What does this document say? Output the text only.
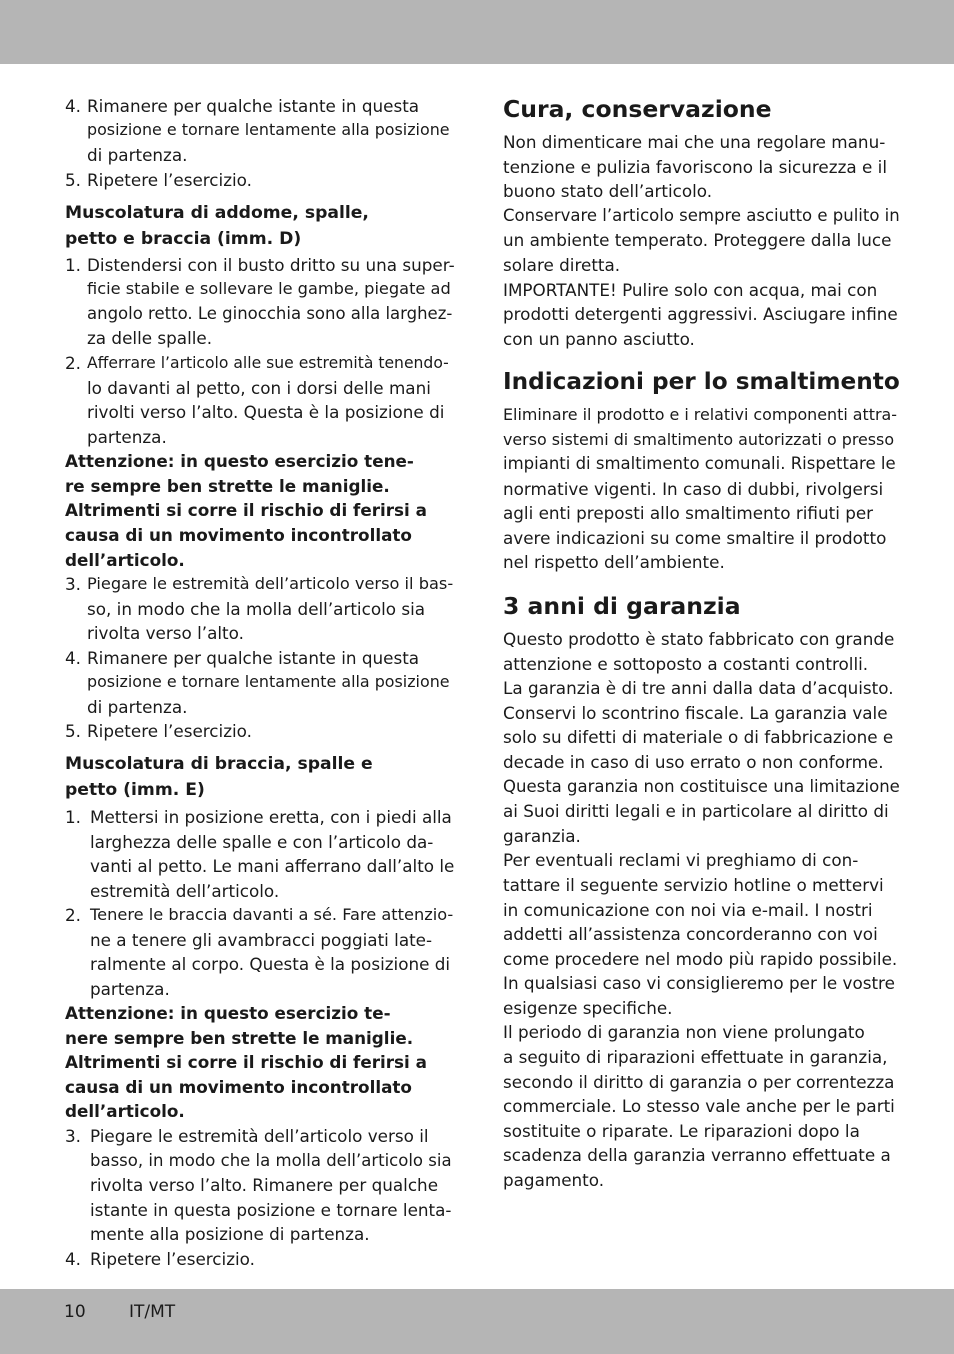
4. Rimanere per qualche istante in questa
posizione e tornare lentamente alla posizione
di partenza.
5. Ripetere l’esercizio.
Muscolatura di addome, spalle,
petto e braccia (imm. D)
1. Distendersi con il busto dritto su una super-
ficie stabile e sollevare le gambe, piegate ad
angolo retto. Le ginocchia sono alla larghez-
za delle spalle.
2. Afferrare l’articolo alle sue estremità tenendo-
lo davanti al petto, con i dorsi delle mani
rivolti verso l’alto. Questa è la posizione di
partenza.
Attenzione: in questo esercizio tene-
re sempre ben strette le maniglie.
Altrimenti si corre il rischio di ferirsi a
causa di un movimento incontrollato
dell’articolo.
3. Piegare le estremità dell’articolo verso il bas-
so, in modo che la molla dell’articolo sia
rivolta verso l’alto.
4. Rimanere per qualche istante in questa
posizione e tornare lentamente alla posizione
di partenza.
5. Ripetere l’esercizio.
Muscolatura di braccia, spalle e
petto (imm. E)
1. Mettersi in posizione eretta, con i piedi alla
larghezza delle spalle e con l’articolo da-
vanti al petto. Le mani afferrano dall’alto le
estremità dell’articolo.
2. Tenere le braccia davanti a sé. Fare attenzio-
ne a tenere gli avambracci poggiati late-
ralmente al corpo. Questa è la posizione di
partenza.
Attenzione: in questo esercizio te-
nere sempre ben strette le maniglie.
Altrimenti si corre il rischio di ferirsi a
causa di un movimento incontrollato
dell’articolo.
3. Piegare le estremità dell’articolo verso il
basso, in modo che la molla dell’articolo sia
rivolta verso l’alto. Rimanere per qualche
istante in questa posizione e tornare lenta-
mente alla posizione di partenza.
4. Ripetere l’esercizio.
Cura, conservazione
Non dimenticare mai che una regolare manu-
tenzione e pulizia favoriscono la sicurezza e il
buono stato dell’articolo.
Conservare l’articolo sempre asciutto e pulito in
un ambiente temperato. Proteggere dalla luce
solare diretta.
IMPORTANTE! Pulire solo con acqua, mai con
prodotti detergenti aggressivi. Asciugare infine
con un panno asciutto.
Indicazioni per lo smaltimento
Eliminare il prodotto e i relativi componenti attra-
verso sistemi di smaltimento autorizzati o presso
impianti di smaltimento comunali. Rispettare le
normative vigenti. In caso di dubbi, rivolgersi
agli enti preposti allo smaltimento rifiuti per
avere indicazioni su come smaltire il prodotto
nel rispetto dell’ambiente.
3 anni di garanzia
Questo prodotto è stato fabbricato con grande
attenzione e sottoposto a costanti controlli.
La garanzia è di tre anni dalla data d’acquisto.
Conservi lo scontrino fiscale. La garanzia vale
solo su difetti di materiale o di fabbricazione e
decade in caso di uso errato o non conforme.
Questa garanzia non costituisce una limitazione
ai Suoi diritti legali e in particolare al diritto di
garanzia.
Per eventuali reclami vi preghiamo di con-
tattare il seguente servizio hotline o mettervi
in comunicazione con noi via e-mail. I nostri
addetti all’assistenza concorderanno con voi
come procedere nel modo più rapido possibile.
In qualsiasi caso vi consiglieremo per le vostre
esigenze specifiche.
Il periodo di garanzia non viene prolungato
a seguito di riparazioni effettuate in garanzia,
secondo il diritto di garanzia o per correntezza
commerciale. Lo stesso vale anche per le parti
sostituite o riparate. Le riparazioni dopo la
scadenza della garanzia verranno effettuate a
pagamento.
10	IT/MT
